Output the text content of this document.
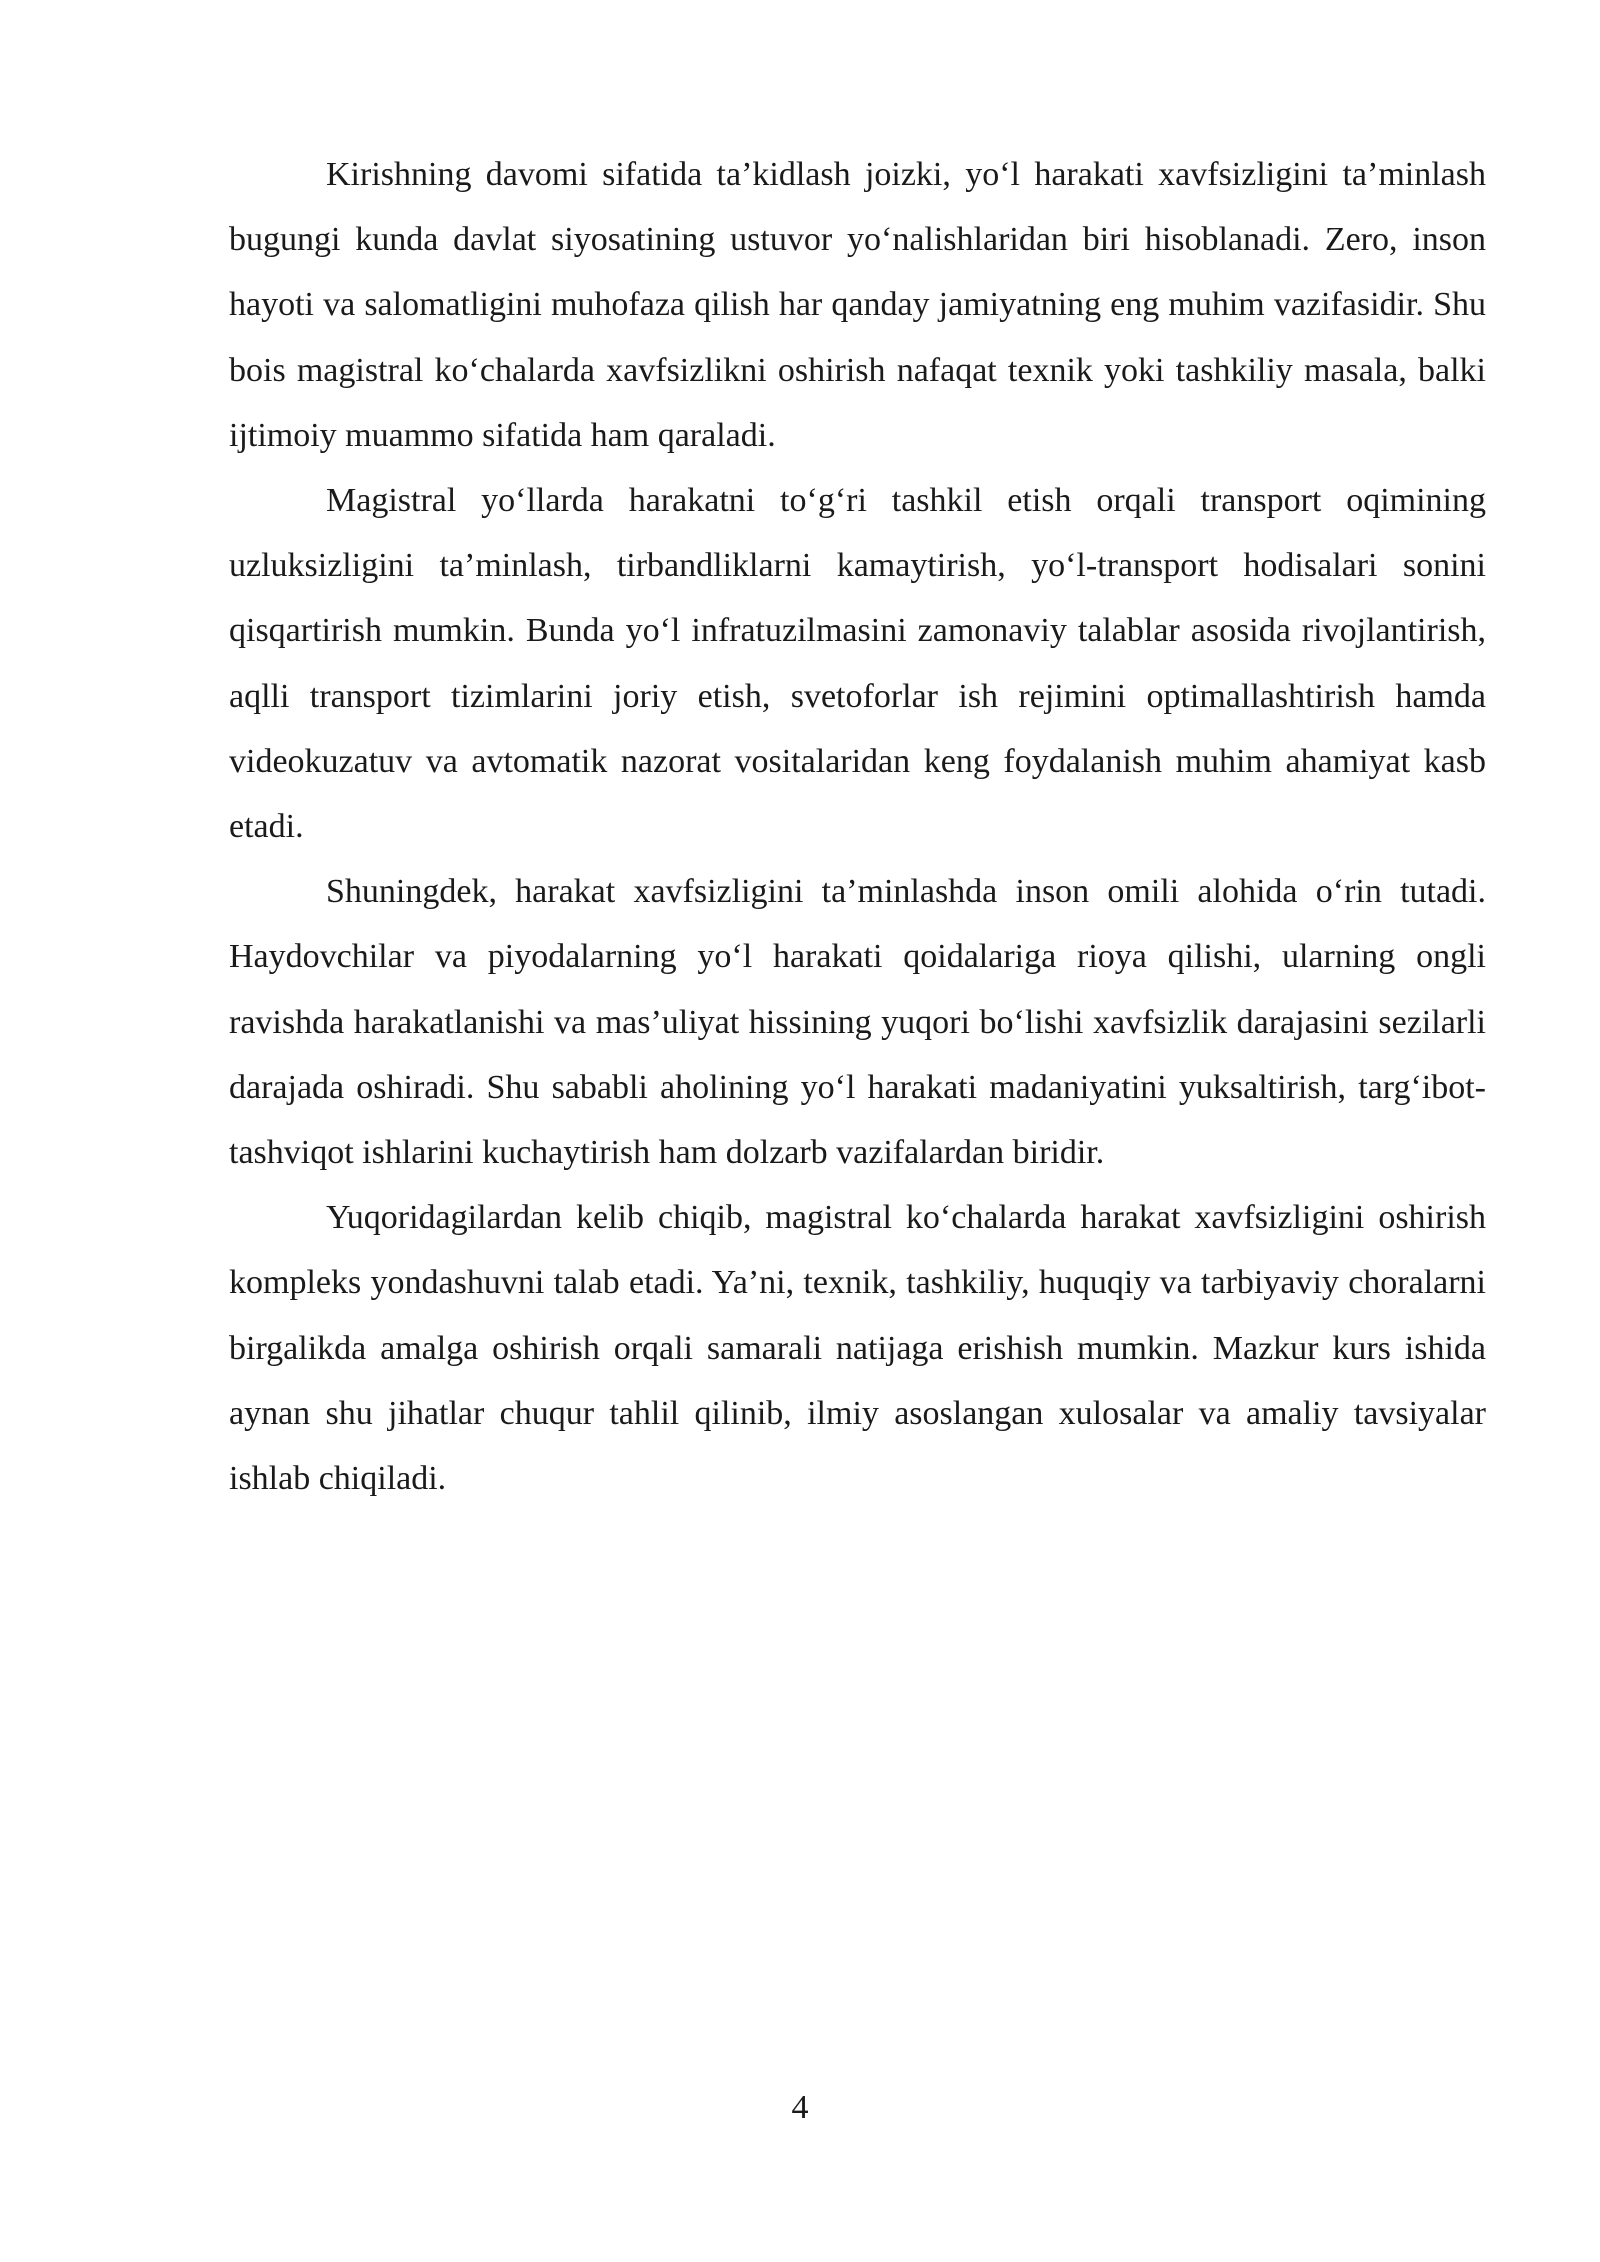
Kirishning davomi sifatida ta’kidlash joizki, yo‘l harakati xavfsizligini ta’minlash bugungi kunda davlat siyosatining ustuvor yo‘nalishlaridan biri hisoblanadi. Zero, inson hayoti va salomatligini muhofaza qilish har qanday jamiyatning eng muhim vazifasidir. Shu bois magistral ko‘chalarda xavfsizlikni oshirish nafaqat texnik yoki tashkiliy masala, balki ijtimoiy muammo sifatida ham qaraladi.

Magistral yo‘llarda harakatni to‘g‘ri tashkil etish orqali transport oqimining uzluksizligini ta’minlash, tirbandliklarni kamaytirish, yo‘l-transport hodisalari sonini qisqartirish mumkin. Bunda yo‘l infratuzilmasini zamonaviy talablar asosida rivojlantirish, aqlli transport tizimlarini joriy etish, svetoforlar ish rejimini optimallashtirish hamda videokuzatuv va avtomatik nazorat vositalaridan keng foydalanish muhim ahamiyat kasb etadi.

Shuningdek, harakat xavfsizligini ta’minlashda inson omili alohida o‘rin tutadi. Haydovchilar va piyodalarning yo‘l harakati qoidalariga rioya qilishi, ularning ongli ravishda harakatlanishi va mas’uliyat hissining yuqori bo‘lishi xavfsizlik darajasini sezilarli darajada oshiradi. Shu sababli aholining yo‘l harakati madaniyatini yuksaltirish, targ‘ibot-tashviqot ishlarini kuchaytirish ham dolzarb vazifalardan biridir.

Yuqoridagilardan kelib chiqib, magistral ko‘chalarda harakat xavfsizligini oshirish kompleks yondashuvni talab etadi. Ya’ni, texnik, tashkiliy, huquqiy va tarbiyaviy choralarni birgalikda amalga oshirish orqali samarali natijaga erishish mumkin. Mazkur kurs ishida aynan shu jihatlar chuqur tahlil qilinib, ilmiy asoslangan xulosalar va amaliy tavsiyalar ishlab chiqiladi.

4
